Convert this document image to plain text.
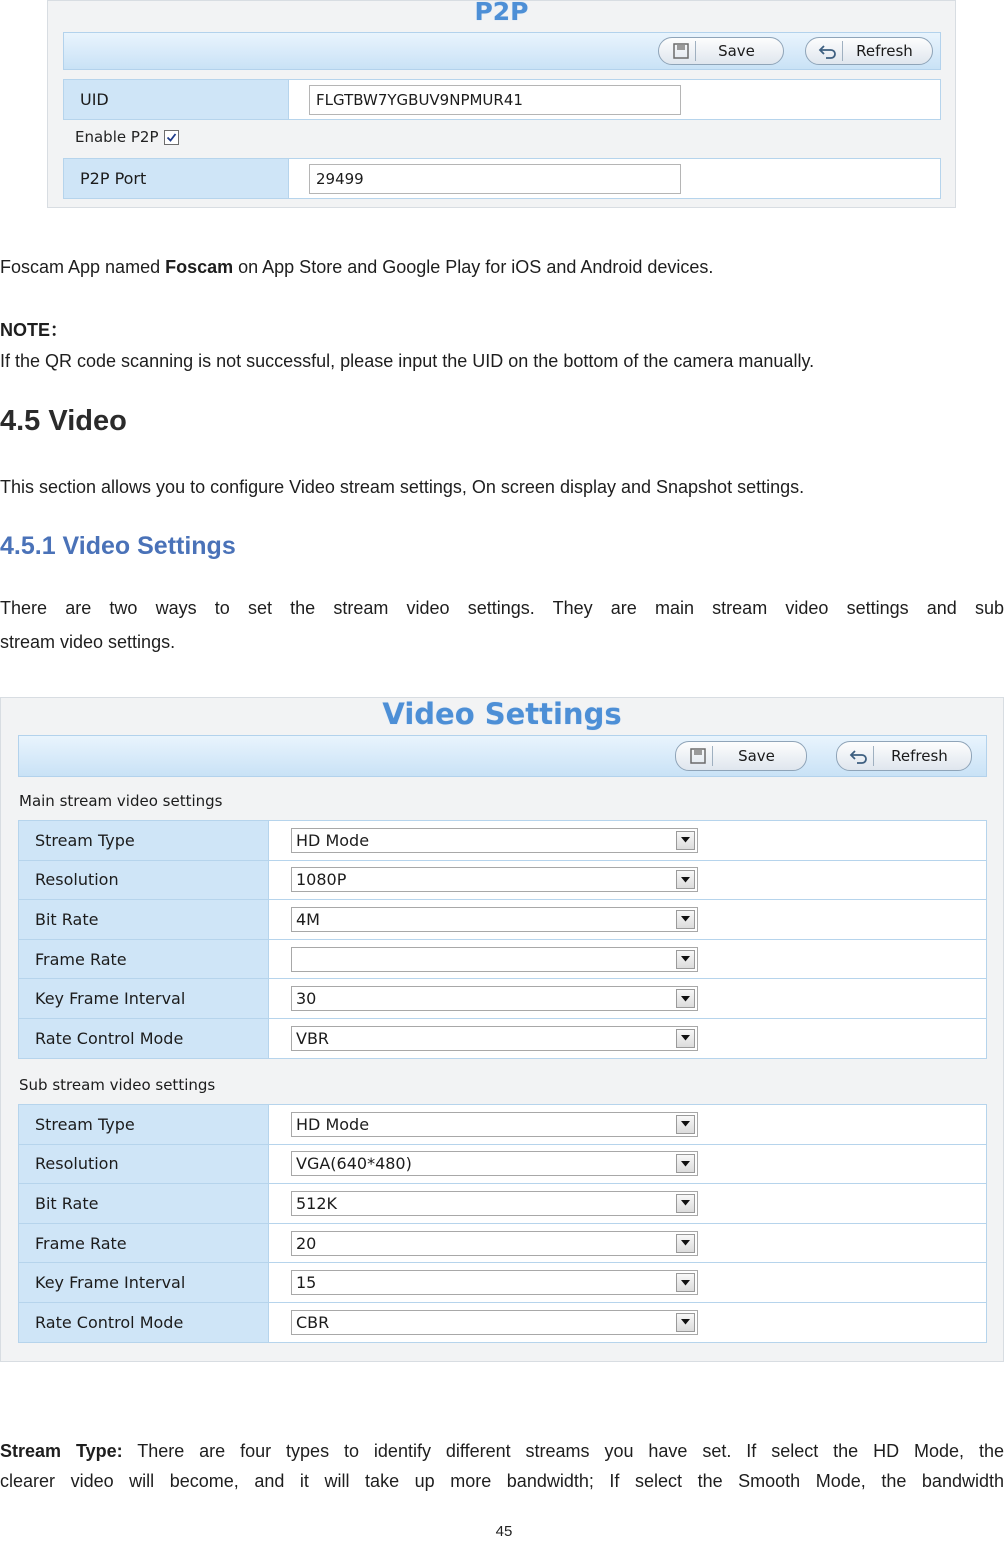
P2P
Save	Refresh
UID	FLGTBW7YGBUV9NPMUR41
Enable P2P
P2P Port	29499
Foscam App named Foscam on App Store and Google Play for iOS and Android devices.
NOTE：
If the QR code scanning is not successful, please input the UID on the bottom of the camera manually.
4.5 Video
This section allows you to configure Video stream settings, On screen display and Snapshot settings.
4.5.1 Video Settings
There are two ways to set the stream video settings. They are main stream video settings and sub
stream video settings.
Video Settings
Save	Refresh
Main stream video settings
Stream Type	HD Mode

Resolution	1080P

Bit Rate	4M

Frame Rate	

Key Frame Interval	30

Rate Control Mode	VBR
Sub stream video settings
Stream Type	HD Mode

Resolution	VGA(640*480)

Bit Rate	512K

Frame Rate	20

Key Frame Interval	15

Rate Control Mode	CBR
Stream Type: There are four types to identify different streams you have set. If select the HD Mode, the
clearer video will become, and it will take up more bandwidth; If select the Smooth Mode, the bandwidth
45
